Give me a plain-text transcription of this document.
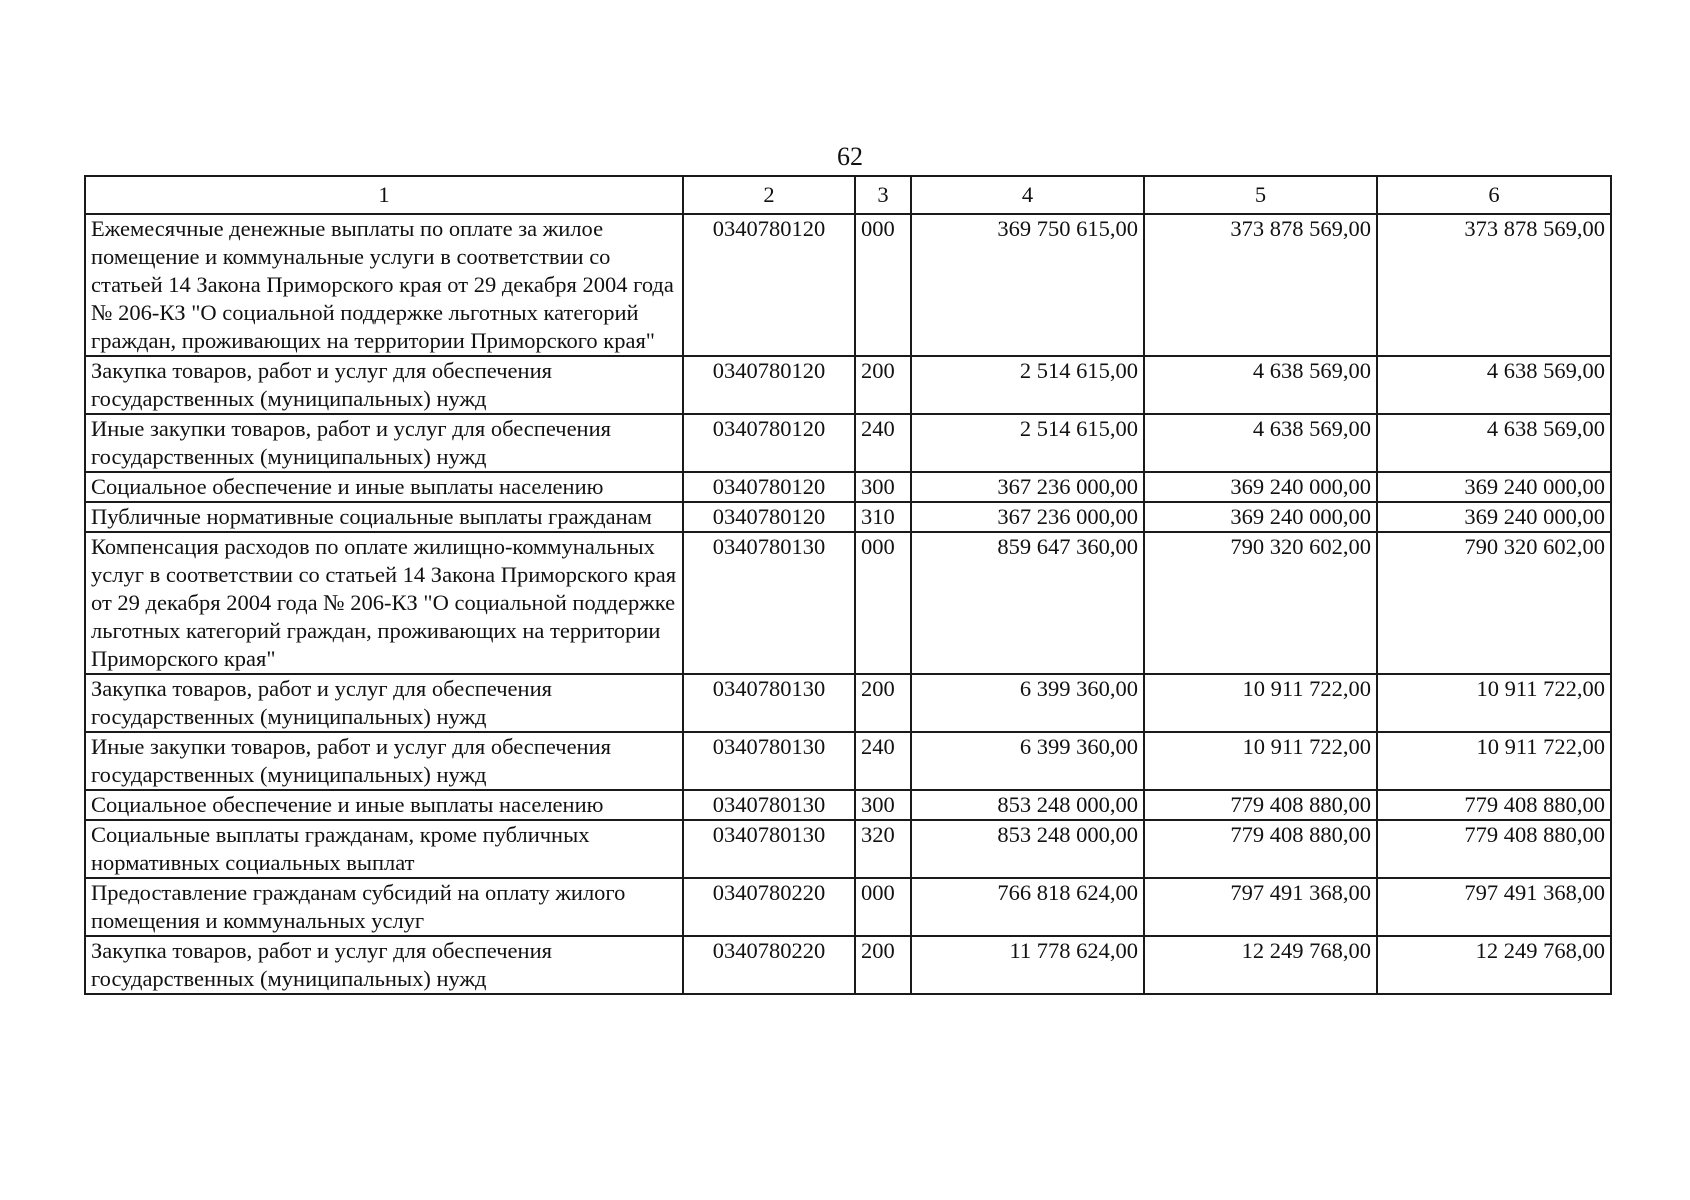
62
1	2	3	4	5	6
Ежемесячные денежные выплаты по оплате за жилое помещение и коммунальные услуги в соответствии со статьей 14 Закона Приморского края от 29 декабря 2004 года № 206-КЗ "О социальной поддержке льготных категорий граждан, проживающих на территории Приморского края"	0340780120	000	369 750 615,00	373 878 569,00	373 878 569,00
Закупка товаров, работ и услуг для обеспечения государственных (муниципальных) нужд	0340780120	200	2 514 615,00	4 638 569,00	4 638 569,00
Иные закупки товаров, работ и услуг для обеспечения государственных (муниципальных) нужд	0340780120	240	2 514 615,00	4 638 569,00	4 638 569,00
Социальное обеспечение и иные выплаты населению	0340780120	300	367 236 000,00	369 240 000,00	369 240 000,00
Публичные нормативные социальные выплаты гражданам	0340780120	310	367 236 000,00	369 240 000,00	369 240 000,00
Компенсация расходов по оплате жилищно-коммунальных услуг в соответствии со статьей 14 Закона Приморского края от 29 декабря 2004 года № 206-КЗ "О социальной поддержке льготных категорий граждан, проживающих на территории Приморского края"	0340780130	000	859 647 360,00	790 320 602,00	790 320 602,00
Закупка товаров, работ и услуг для обеспечения государственных (муниципальных) нужд	0340780130	200	6 399 360,00	10 911 722,00	10 911 722,00
Иные закупки товаров, работ и услуг для обеспечения государственных (муниципальных) нужд	0340780130	240	6 399 360,00	10 911 722,00	10 911 722,00
Социальное обеспечение и иные выплаты населению	0340780130	300	853 248 000,00	779 408 880,00	779 408 880,00
Социальные выплаты гражданам, кроме публичных нормативных социальных выплат	0340780130	320	853 248 000,00	779 408 880,00	779 408 880,00
Предоставление гражданам субсидий на оплату жилого помещения и коммунальных услуг	0340780220	000	766 818 624,00	797 491 368,00	797 491 368,00
Закупка товаров, работ и услуг для обеспечения государственных (муниципальных) нужд	0340780220	200	11 778 624,00	12 249 768,00	12 249 768,00
